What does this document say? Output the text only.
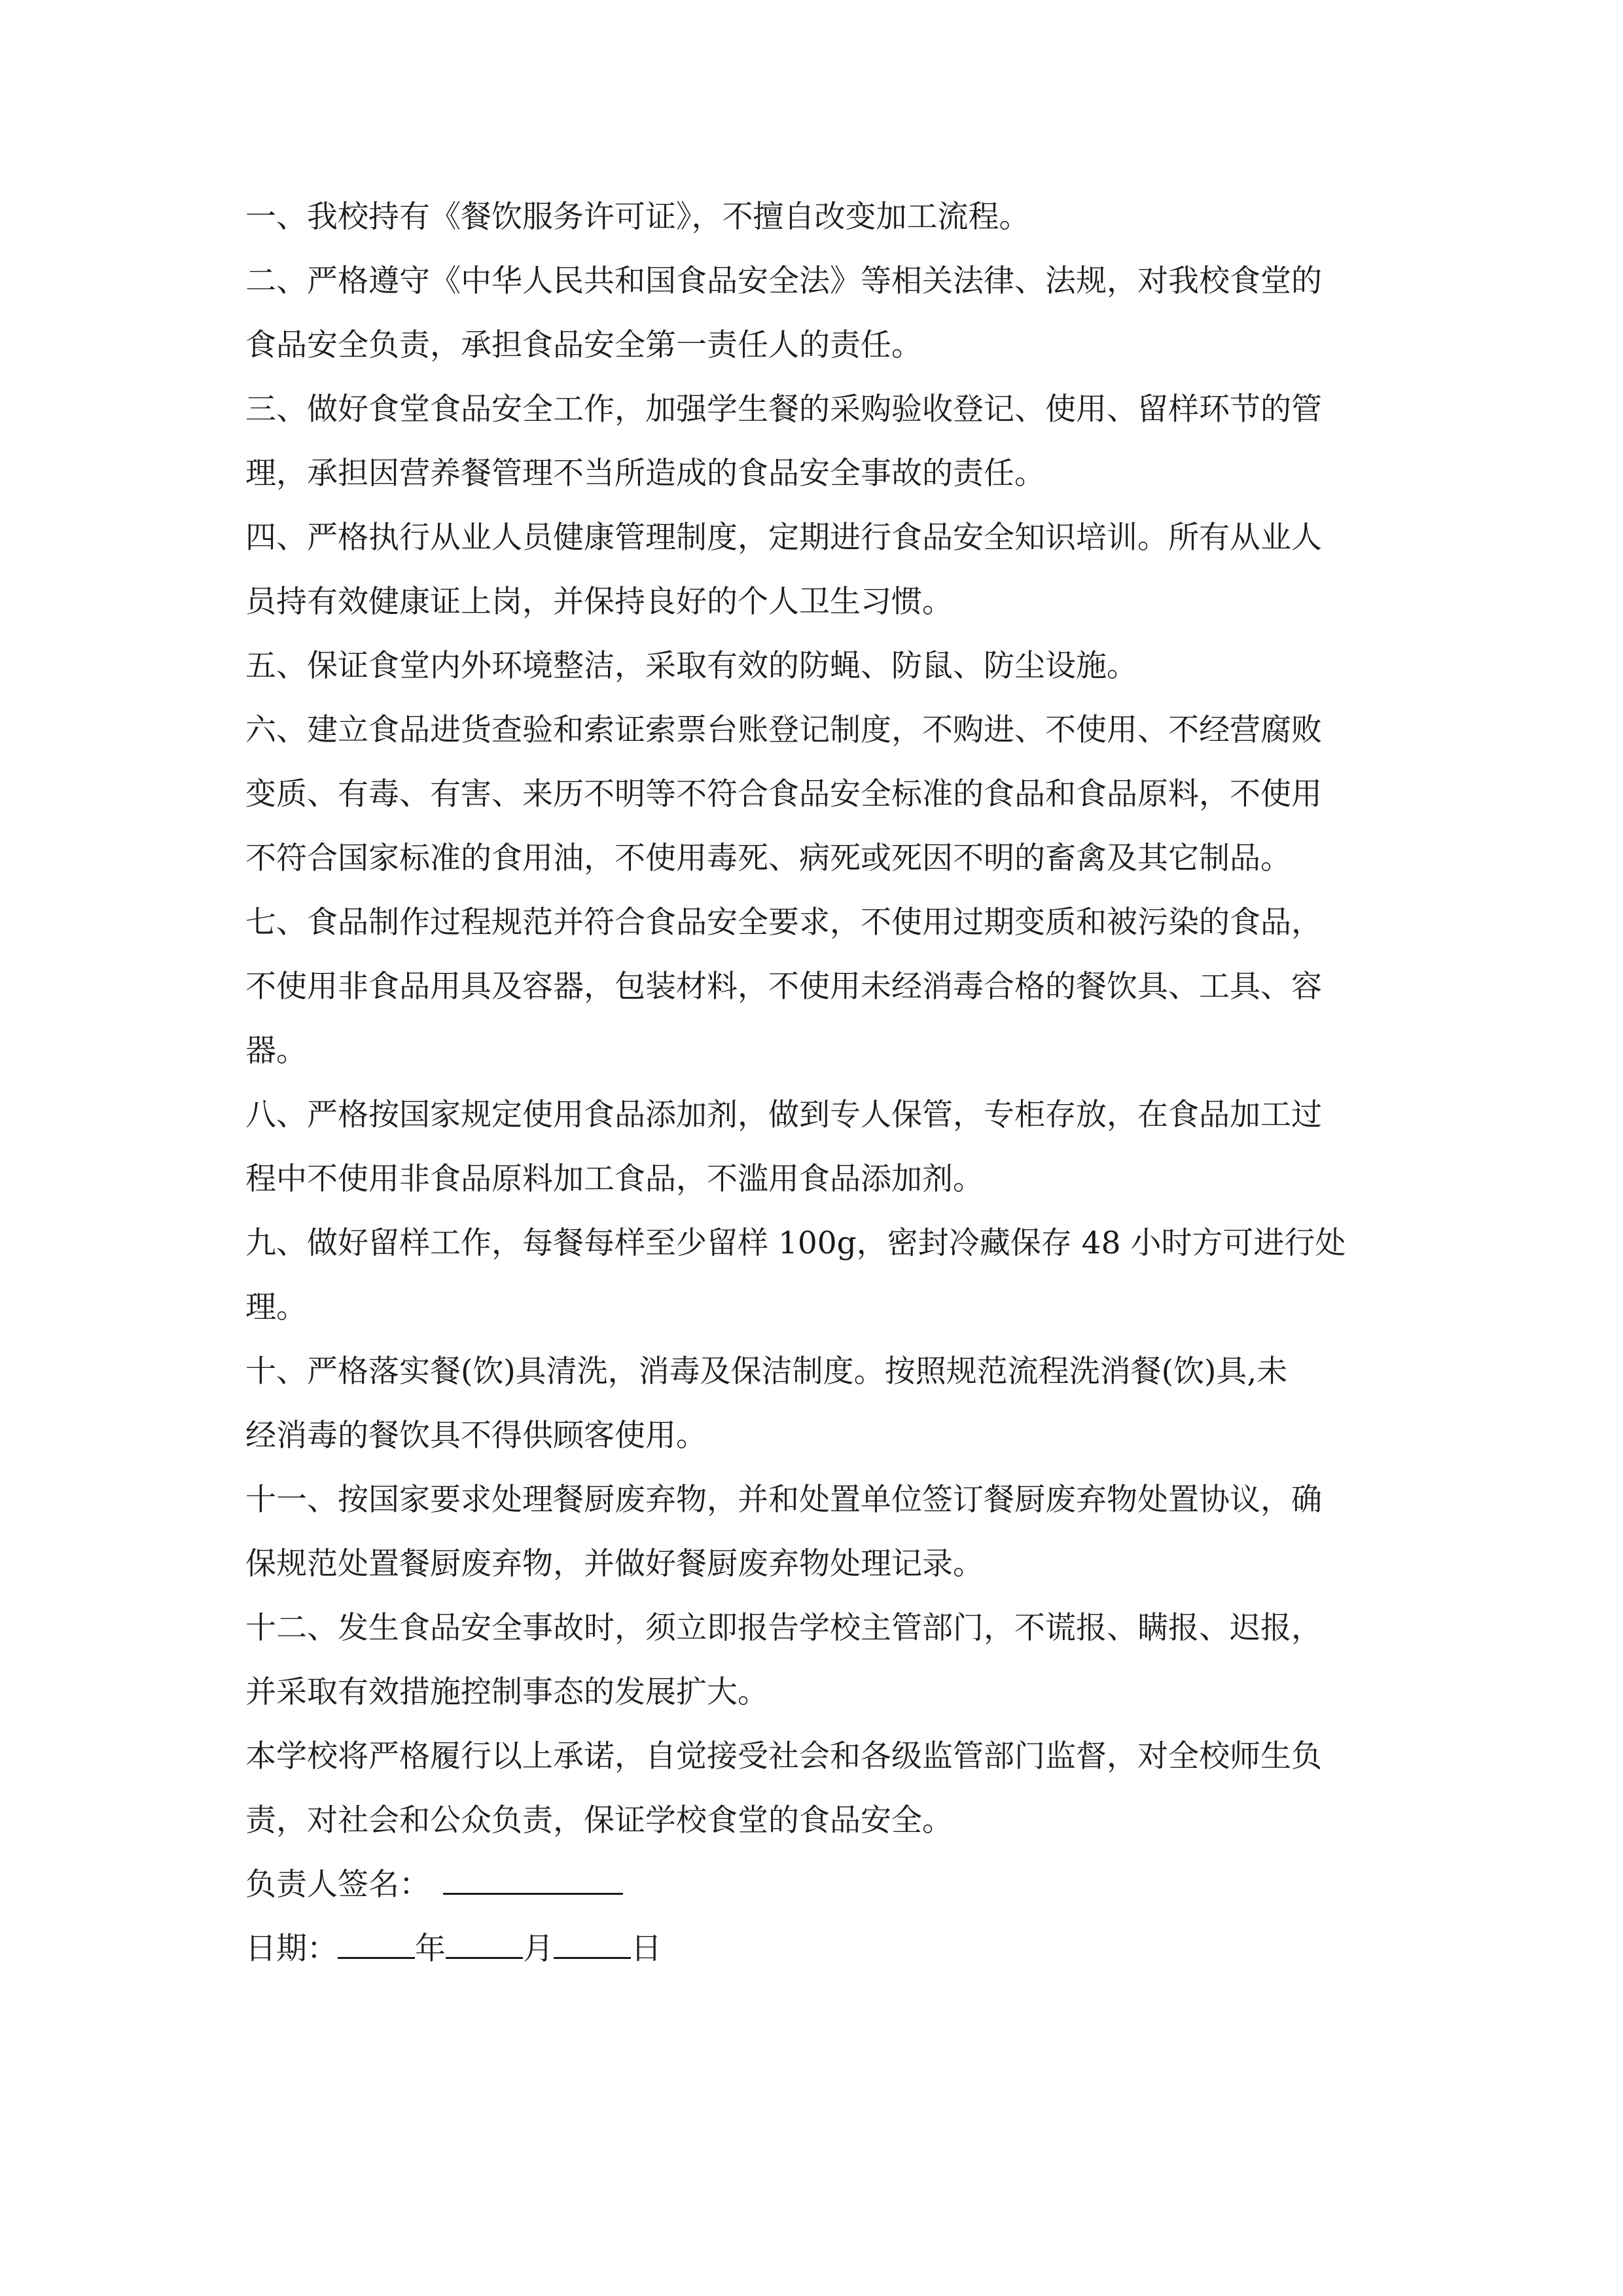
一、我校持有《餐饮服务许可证》，不擅自改变加工流程。
二、严格遵守《中华人民共和国食品安全法》等相关法律、法规，对我校食堂的
食品安全负责，承担食品安全第一责任人的责任。
三、做好食堂食品安全工作，加强学生餐的采购验收登记、使用、留样环节的管
理，承担因营养餐管理不当所造成的食品安全事故的责任。
四、严格执行从业人员健康管理制度，定期进行食品安全知识培训。所有从业人
员持有效健康证上岗，并保持良好的个人卫生习惯。
五、保证食堂内外环境整洁，采取有效的防蝇、防鼠、防尘设施。
六、建立食品进货查验和索证索票台账登记制度，不购进、不使用、不经营腐败
变质、有毒、有害、来历不明等不符合食品安全标准的食品和食品原料，不使用
不符合国家标准的食用油，不使用毒死、病死或死因不明的畜禽及其它制品。
七、食品制作过程规范并符合食品安全要求，不使用过期变质和被污染的食品，
不使用非食品用具及容器，包装材料，不使用未经消毒合格的餐饮具、工具、容
器。
八、严格按国家规定使用食品添加剂，做到专人保管，专柜存放，在食品加工过
程中不使用非食品原料加工食品，不滥用食品添加剂。
九、做好留样工作，每餐每样至少留样 100g，密封冷藏保存 48 小时方可进行处
理。
十、严格落实餐(饮)具清洗，消毒及保洁制度。按照规范流程洗消餐(饮)具,未
经消毒的餐饮具不得供顾客使用。
十一、按国家要求处理餐厨废弃物，并和处置单位签订餐厨废弃物处置协议，确
保规范处置餐厨废弃物，并做好餐厨废弃物处理记录。
十二、发生食品安全事故时，须立即报告学校主管部门，不谎报、瞒报、迟报，
并采取有效措施控制事态的发展扩大。
本学校将严格履行以上承诺，自觉接受社会和各级监管部门监督，对全校师生负
责，对社会和公众负责，保证学校食堂的食品安全。
负责人签名：
日期：	年	月	日
